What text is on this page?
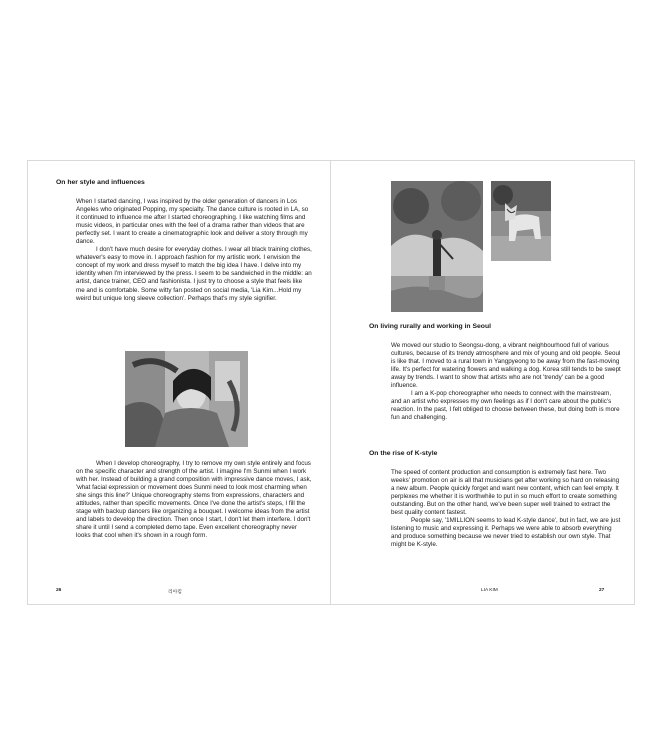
On her style and influences

When I started dancing, I was inspired by the older generation of dancers in Los Angeles who originated Popping, my specialty. The dance culture is rooted in LA, so it continued to influence me after I started choreographing. I like watching films and music videos, in particular ones with the feel of a drama rather than videos that are perfectly set. I want to create a cinematographic look and deliver a story through my dance.

I don't have much desire for everyday clothes. I wear all black training clothes, whatever's easy to move in. I approach fashion for my artistic work. I envision the concept of my work and dress myself to match the big idea I have. I delve into my identity when I'm interviewed by the press. I seem to be sandwiched in the middle: an artist, dance trainer, CEO and fashionista. I just try to choose a style that feels like me and is comfortable. Some witty fan posted on social media, 'Lia Kim...Hold my weird but unique long sleeve collection'. Perhaps that's my style signifier.

When I develop choreography, I try to remove my own style entirely and focus on the specific character and strength of the artist. I imagine I'm Sunmi when I work with her. Instead of building a grand composition with impressive dance moves, I ask, 'what facial expression or movement does Sunmi need to look most charming when she sings this line?' Unique choreography stems from expressions, characters and attitudes, rather than specific movements. Once I've done the artist's steps, I fill the stage with backup dancers like organizing a bouquet. I welcome ideas from the artist and labels to develop the direction. Then once I start, I don't let them interfere. I don't share it until I send a completed demo tape. Even excellent choreography never looks that cool when it's shown in a rough form.

26	리아킴
On living rurally and working in Seoul

We moved our studio to Seongsu-dong, a vibrant neighbourhood full of various cultures, because of its trendy atmosphere and mix of young and old people. Seoul is like that. I moved to a rural town in Yangpyeong to be away from the fast-moving life. It's perfect for watering flowers and walking a dog. Korea still tends to be swept away by trends. I want to show that artists who are not 'trendy' can be a good influence.

I am a K-pop choreographer who needs to connect with the mainstream, and an artist who expresses my own feelings as if I don't care about the public's reaction. In the past, I felt obliged to choose between these, but doing both is more fun and challenging.

On the rise of K-style

The speed of content production and consumption is extremely fast here. Two weeks' promotion on air is all that musicians get after working so hard on releasing a new album. People quickly forget and want new content, which can feel empty. It perplexes me whether it is worthwhile to put in so much effort to create something outstanding. But on the other hand, we've been super well trained to extract the best quality content fastest.

People say, '1MILLION seems to lead K-style dance', but in fact, we are just listening to music and expressing it. Perhaps we were able to absorb everything and produce something because we never tried to establish our own style. That might be K-style.

LIA KIM	27
